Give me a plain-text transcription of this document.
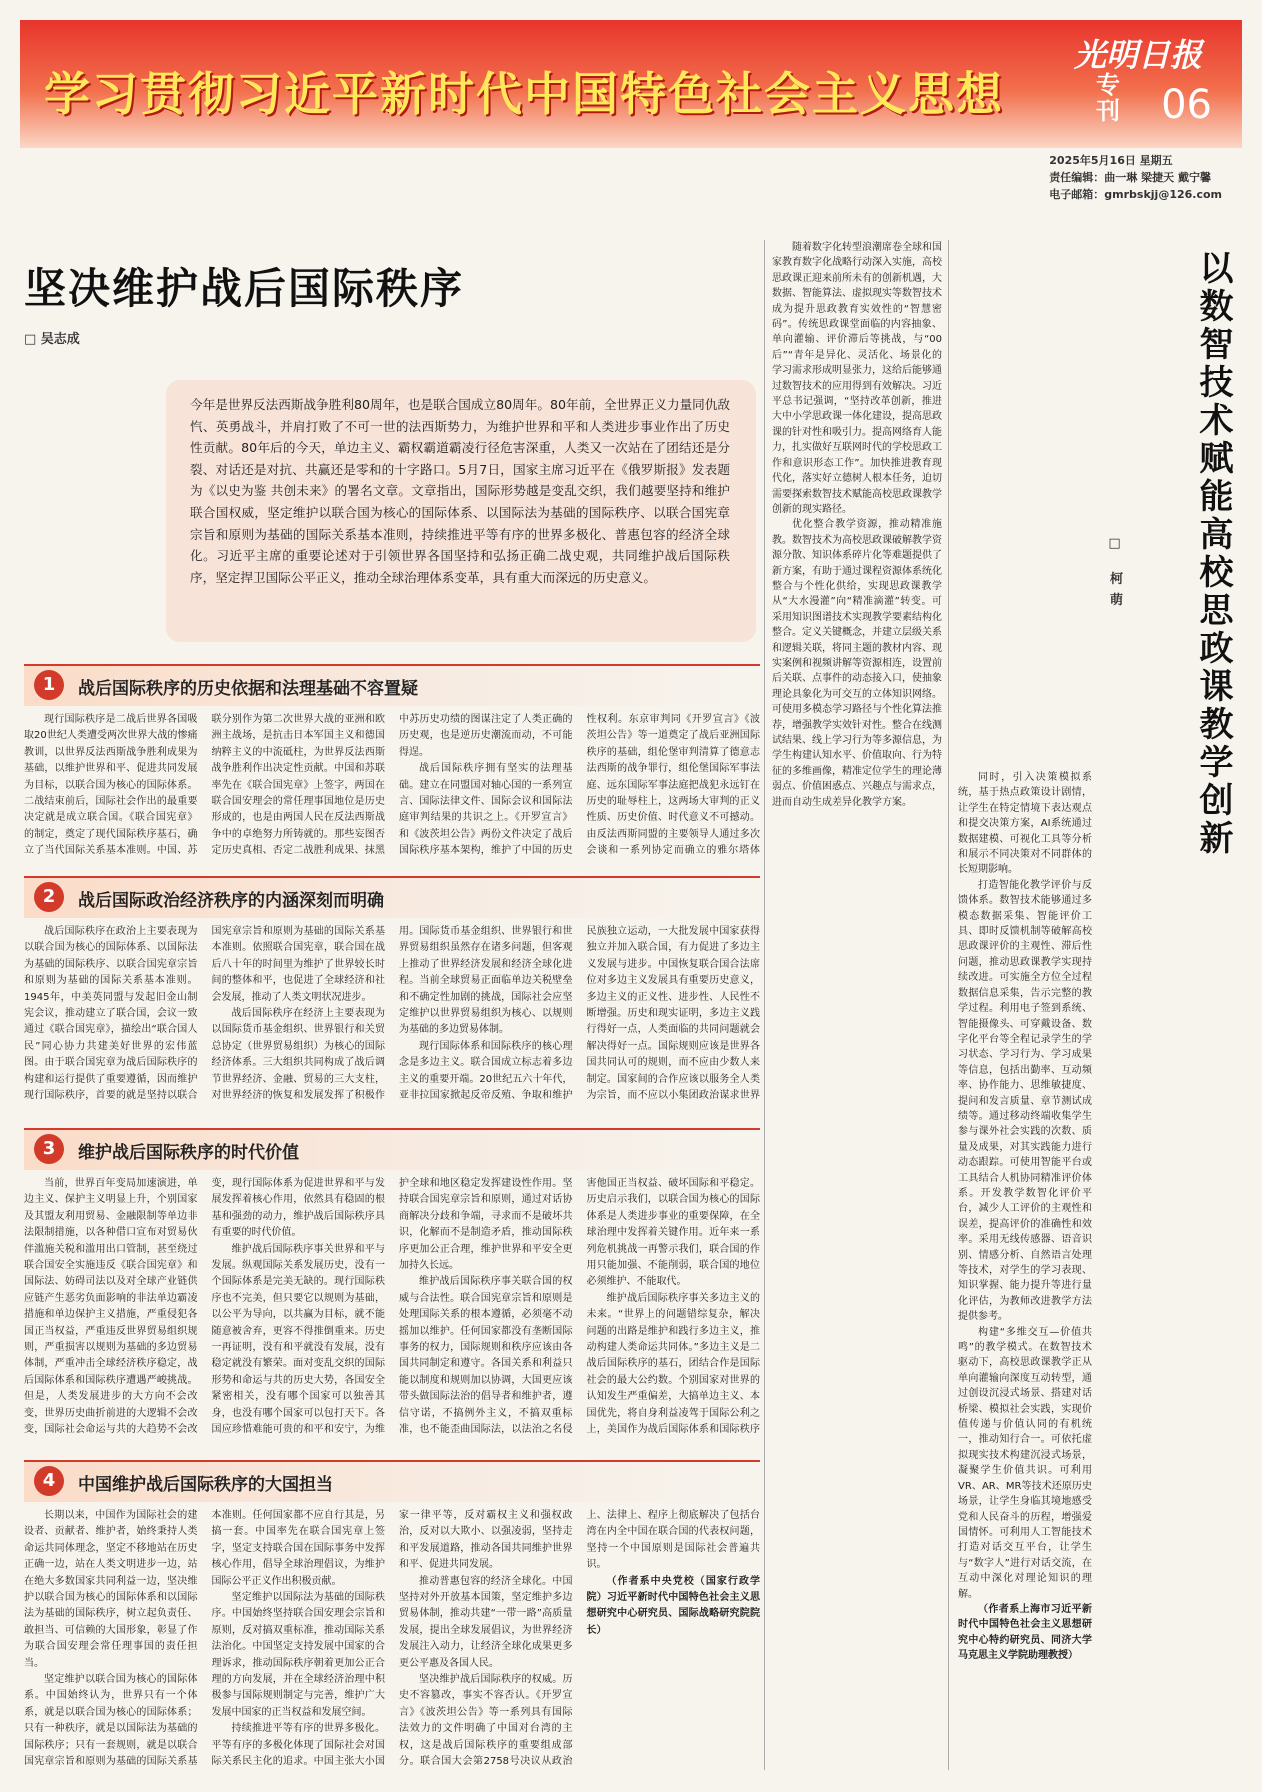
学习贯彻习近平新时代中国特色社会主义思想	专刊
光明日报
06
2025年5月16日 星期五
责任编辑：曲一琳 梁捷天 戴宁馨
电子邮箱：gmrbskjj@126.com
坚决维护战后国际秩序
□ 吴志成
今年是世界反法西斯战争胜利80周年，也是联合国成立80周年。80年前，全世界正义力量同仇敌忾、英勇战斗，并肩打败了不可一世的法西斯势力，为维护世界和平和人类进步事业作出了历史性贡献。80年后的今天，单边主义、霸权霸道霸凌行径危害深重，人类又一次站在了团结还是分裂、对话还是对抗、共赢还是零和的十字路口。5月7日，国家主席习近平在《俄罗斯报》发表题为《以史为鉴 共创未来》的署名文章。文章指出，国际形势越是变乱交织，我们越要坚持和维护联合国权威，坚定维护以联合国为核心的国际体系、以国际法为基础的国际秩序、以联合国宪章宗旨和原则为基础的国际关系基本准则，持续推进平等有序的世界多极化、普惠包容的经济全球化。习近平主席的重要论述对于引领世界各国坚持和弘扬正确二战史观，共同维护战后国际秩序，坚定捍卫国际公平正义，推动全球治理体系变革，具有重大而深远的历史意义。
1	战后国际秩序的历史依据和法理基础不容置疑

现行国际秩序是二战后世界各国吸取20世纪人类遭受两次世界大战的惨痛教训，以世界反法西斯战争胜利成果为基础，以维护世界和平、促进共同发展为目标，以联合国为核心的国际体系。二战结束前后，国际社会作出的最重要决定就是成立联合国。《联合国宪章》的制定，奠定了现代国际秩序基石，确立了当代国际关系基本准则。中国、苏联分别作为第二次世界大战的亚洲和欧洲主战场，是抗击日本军国主义和德国纳粹主义的中流砥柱，为世界反法西斯战争胜利作出决定性贡献。中国和苏联率先在《联合国宪章》上签字，两国在联合国安理会的常任理事国地位是历史形成的，也是由两国人民在反法西斯战争中的卓绝努力所铸就的。那些妄图否定历史真相、否定二战胜利成果、抹黑中苏历史功绩的图谋注定了人类正确的历史观，也是逆历史潮流而动，不可能得逞。

战后国际秩序拥有坚实的法理基础。建立在同盟国对轴心国的一系列宣言、国际法律文件、国际会议和国际法庭审判结果的共识之上。《开罗宣言》和《波茨坦公告》两份文件决定了战后国际秩序基本架构，维护了中国的历史性权利。东京审判同《开罗宣言》《波茨坦公告》等一道奠定了战后亚洲国际秩序的基础，组伦堡审判清算了德意志法西斯的战争罪行，组伦堡国际军事法庭、远东国际军事法庭把战犯永远钉在历史的耻辱柱上，这两场大审判的正义性质、历史价值、时代意义不可撼动。由反法西斯同盟的主要领导人通过多次会谈和一系列协定而确立的雅尔塔体

2	战后国际政治经济秩序的内涵深刻而明确

战后国际秩序在政治上主要表现为以联合国为核心的国际体系、以国际法为基础的国际秩序、以联合国宪章宗旨和原则为基础的国际关系基本准则。1945年，中美英同盟与发起旧金山制宪会议，推动建立了联合国，会议一致通过《联合国宪章》，描绘出“联合国人民”同心协力共建美好世界的宏伟蓝图。由于联合国宪章为战后国际秩序的构建和运行提供了重要遵循，因而维护现行国际秩序，首要的就是坚持以联合国宪章宗旨和原则为基础的国际关系基本准则。依照联合国宪章，联合国在战后八十年的时间里为维护了世界较长时间的整体和平，也促进了全球经济和社会发展，推动了人类文明状况进步。

战后国际秩序在经济上主要表现为以国际货币基金组织、世界银行和关贸总协定（世界贸易组织）为核心的国际经济体系。三大组织共同构成了战后调节世界经济、金融、贸易的三大支柱，对世界经济的恢复和发展发挥了积极作用。国际货币基金组织、世界银行和世界贸易组织虽然存在诸多问题，但客观上推动了世界经济发展和经济全球化进程。当前全球贸易正面临单边关税壁垒和不确定性加剧的挑战，国际社会应坚定维护以世界贸易组织为核心、以规则为基础的多边贸易体制。

现行国际体系和国际秩序的核心理念是多边主义。联合国成立标志着多边主义的重要开端。20世纪五六十年代，亚非拉国家掀起反帝反殖、争取和维护民族独立运动，一大批发展中国家获得独立并加入联合国，有力促进了多边主义发展与进步。中国恢复联合国合法席位对多边主义发展具有重要历史意义，多边主义的正义性、进步性、人民性不断增强。历史和现实证明，多边主义践行得好一点，人类面临的共同问题就会解决得好一点。国际规则应该是世界各国共同认可的规则，而不应由少数人来制定。国家间的合作应该以服务全人类为宗旨，而不应以小集团政治谋求世界

3	维护战后国际秩序的时代价值

当前，世界百年变局加速演进，单边主义、保护主义明显上升，个别国家及其盟友利用贸易、金融限制等单边非法限制措施，以各种借口宣布对贸易伙伴滥施关税和滥用出口管制，甚至绕过联合国安全实施违反《联合国宪章》和国际法、妨碍司法以及对全球产业链供应链产生恶劣负面影响的非法单边霸凌措施和单边保护主义措施，严重侵犯各国正当权益，严重违反世界贸易组织规则，严重损害以规则为基础的多边贸易体制，严重冲击全球经济秩序稳定，战后国际体系和国际秩序遭遇严峻挑战。但是，人类发展进步的大方向不会改变，世界历史曲折前进的大逻辑不会改变，国际社会命运与共的大趋势不会改变，现行国际体系为促进世界和平与发展发挥着核心作用，依然具有稳固的根基和强劲的动力，维护战后国际秩序具有重要的时代价值。

维护战后国际秩序事关世界和平与发展。纵观国际关系发展历史，没有一个国际体系是完美无缺的。现行国际秩序也不完美，但只要它以规则为基础，以公平为导向，以共赢为目标，就不能随意被舍弃，更容不得推倒重来。历史一再证明，没有和平就没有发展，没有稳定就没有繁荣。面对变乱交织的国际形势和命运与共的历史大势，各国安全紧密相关，没有哪个国家可以独善其身，也没有哪个国家可以包打天下。各国应珍惜难能可贵的和平和安宁，为维护全球和地区稳定发挥建设性作用。坚持联合国宪章宗旨和原则，通过对话协商解决分歧和争端，寻求而不是破坏共识，化解而不是制造矛盾，推动国际秩序更加公正合理，维护世界和平安全更加持久长远。

维护战后国际秩序事关联合国的权威与合法性。联合国宪章宗旨和原则是处理国际关系的根本遵循，必须毫不动摇加以维护。任何国家都没有垄断国际事务的权力，国际规则和秩序应该由各国共同制定和遵守。各国关系和利益只能以制度和规则加以协调，大国更应该带头做国际法治的倡导者和维护者，遵信守诺，不搞例外主义，不搞双重标准，也不能歪曲国际法，以法治之名侵害他国正当权益、破坏国际和平稳定。历史启示我们，以联合国为核心的国际体系是人类进步事业的重要保障，在全球治理中发挥着关键作用。近年来一系列危机挑战一再警示我们，联合国的作用只能加强、不能削弱，联合国的地位必须维护、不能取代。

维护战后国际秩序事关多边主义的未来。“世界上的问题错综复杂，解决问题的出路是维护和践行多边主义，推动构建人类命运共同体。”多边主义是二战后国际秩序的基石，团结合作是国际社会的最大公约数。个别国家对世界的认知发生严重偏差，大搞单边主义、本国优先，将自身利益凌驾于国际公利之上，美国作为战后国际体系和国际秩序

4	中国维护战后国际秩序的大国担当

长期以来，中国作为国际社会的建设者、贡献者、维护者，始终秉持人类命运共同体理念，坚定不移地站在历史正确一边，站在人类文明进步一边，站在绝大多数国家共同利益一边，坚决维护以联合国为核心的国际体系和以国际法为基础的国际秩序，树立起负责任、敢担当、可信赖的大国形象，彰显了作为联合国安理会常任理事国的责任担当。

坚定维护以联合国为核心的国际体系。中国始终认为，世界只有一个体系，就是以联合国为核心的国际体系；只有一种秩序，就是以国际法为基础的国际秩序；只有一套规则，就是以联合国宪章宗旨和原则为基础的国际关系基本准则。任何国家都不应自行其是，另搞一套。中国率先在联合国宪章上签字，坚定支持联合国在国际事务中发挥核心作用，倡导全球治理倡议，为维护国际公平正义作出积极贡献。

坚定维护以国际法为基础的国际秩序。中国始终坚持联合国安理会宗旨和原则，反对搞双重标准，推动国际关系法治化。中国坚定支持发展中国家的合理诉求，推动国际秩序朝着更加公正合理的方向发展，并在全球经济治理中积极参与国际规则制定与完善，维护广大发展中国家的正当权益和发展空间。

持续推进平等有序的世界多极化。平等有序的多极化体现了国际社会对国际关系民主化的追求。中国主张大小国家一律平等，反对霸权主义和强权政治，反对以大欺小、以强凌弱，坚持走和平发展道路，推动各国共同维护世界和平、促进共同发展。

推动普惠包容的经济全球化。中国坚持对外开放基本国策，坚定维护多边贸易体制，推动共建“一带一路”高质量发展，提出全球发展倡议，为世界经济发展注入动力，让经济全球化成果更多更公平惠及各国人民。

坚决维护战后国际秩序的权威。历史不容篡改，事实不容否认。《开罗宣言》《波茨坦公告》等一系列具有国际法效力的文件明确了中国对台湾的主权，这是战后国际秩序的重要组成部分。联合国大会第2758号决议从政治上、法律上、程序上彻底解决了包括台湾在内全中国在联合国的代表权问题，坚持一个中国原则是国际社会普遍共识。

（作者系中央党校（国家行政学院）习近平新时代中国特色社会主义思想研究中心研究员、国际战略研究院院长）

随着数字化转型浪潮席卷全球和国家教育数字化战略行动深入实施，高校思政课正迎来前所未有的创新机遇，大数据、智能算法、虚拟现实等数智技术成为提升思政教育实效性的“智慧密码”。传统思政课堂面临的内容抽象、单向灌输、评价滞后等挑战，与“00后”“青年是异化、灵活化、场景化的学习需求形成明显张力，这给后能够通过数智技术的应用得到有效解决。习近平总书记强调，“坚持改革创新，推进大中小学思政课一体化建设，提高思政课的针对性和吸引力。提高网络育人能力，扎实做好互联网时代的学校思政工作和意识形态工作”。加快推进教育现代化，落实好立德树人根本任务，迫切需要探索数智技术赋能高校思政课教学创新的现实路径。

优化整合教学资源，推动精准施教。数智技术为高校思政课破解教学资源分散、知识体系碎片化等难题提供了新方案，有助于通过课程资源体系统化整合与个性化供给，实现思政课教学从“大水漫灌”向“精准滴灌”转变。可采用知识图谱技术实现教学要素结构化整合。定义关键概念，并建立层级关系和逻辑关联，将同主题的教材内容、现实案例和视频讲解等资源相连，设置前后关联、点事件的动态接入口，使抽象理论具象化为可交互的立体知识网络。可使用多模态学习路径与个性化算法推荐，增强教学实效针对性。整合在线测试结果、线上学习行为等多源信息，为学生构建认知水平、价值取向、行为特征的多维画像，精准定位学生的理论薄弱点、价值困惑点、兴趣点与需求点，进而自动生成差异化教学方案。	以数智技术赋能高校思政课教学创新
□ 柯萌

同时，引入决策模拟系统，基于热点政策设计剧情，让学生在特定情境下表达观点和提交决策方案，AI系统通过数据建模、可视化工具等分析和展示不同决策对不同群体的长短期影响。

打造智能化教学评价与反馈体系。数智技术能够通过多模态数据采集、智能评价工具、即时反馈机制等破解高校思政课评价的主观性、滞后性问题，推动思政课教学实现持续改进。可实施全方位全过程数据信息采集，告示完整的教学过程。利用电子签到系统、智能摄像头、可穿戴设备、数字化平台等全程记录学生的学习状态、学习行为、学习成果等信息，包括出勤率、互动频率、协作能力、思维敏捷度、提问和发言质量、章节测试成绩等。通过移动终端收集学生参与课外社会实践的次数、质量及成果，对其实践能力进行动态跟踪。可使用智能平台或工具结合人机协同精准评价体系。开发教学数智化评价平台，减少人工评价的主观性和误差，提高评价的准确性和效率。采用无线传感器、语音识别、情感分析、自然语言处理等技术，对学生的学习表现、知识掌握、能力提升等进行量化评估，为教师改进教学方法提供参考。

构建“多维交互—价值共鸣”的教学模式。在数智技术驱动下，高校思政课教学正从单向灌输向深度互动转型，通过创设沉浸式场景、搭建对话桥梁、模拟社会实践，实现价值传递与价值认同的有机统一，推动知行合一。可依托虚拟现实技术构建沉浸式场景，凝聚学生价值共识。可利用VR、AR、MR等技术还原历史场景，让学生身临其境地感受党和人民奋斗的历程，增强爱国情怀。可利用人工智能技术打造对话交互平台，让学生与“数字人”进行对话交流，在互动中深化对理论知识的理解。

（作者系上海市习近平新时代中国特色社会主义思想研究中心特约研究员、同济大学马克思主义学院助理教授）
